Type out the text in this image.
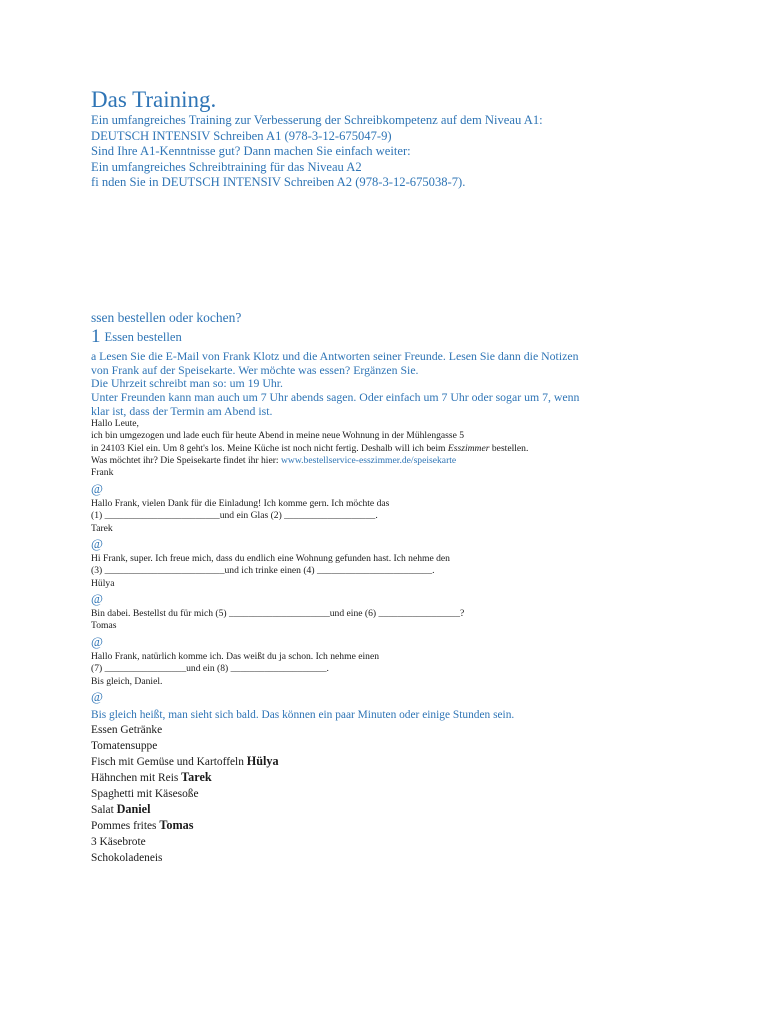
Das Training.
Ein umfangreiches Training zur Verbesserung der Schreibkompetenz auf dem Niveau A1:
DEUTSCH INTENSIV Schreiben A1 (978-3-12-675047-9)
Sind Ihre A1-Kenntnisse gut? Dann machen Sie einfach weiter:
Ein umfangreiches Schreibtraining für das Niveau A2
fi nden Sie in DEUTSCH INTENSIV Schreiben A2 (978-3-12-675038-7).
ssen bestellen oder kochen?
1 Essen bestellen
a Lesen Sie die E-Mail von Frank Klotz und die Antworten seiner Freunde. Lesen Sie dann die Notizen
von Frank auf der Speisekarte. Wer möchte was essen? Ergänzen Sie.
Die Uhrzeit schreibt man so: um 19 Uhr.
Unter Freunden kann man auch um 7 Uhr abends sagen. Oder einfach um 7 Uhr oder sogar um 7, wenn
klar ist, dass der Termin am Abend ist.
Hallo Leute,
ich bin umgezogen und lade euch für heute Abend in meine neue Wohnung in der Mühlengasse 5
in 24103 Kiel ein. Um 8 geht's los. Meine Küche ist noch nicht fertig. Deshalb will ich beim Esszimmer bestellen.
Was möchtet ihr? Die Speisekarte findet ihr hier: www.bestellservice-esszimmer.de/speisekarte
Frank
@
Hallo Frank, vielen Dank für die Einladung! Ich komme gern. Ich möchte das
(1) ________________________und ein Glas (2) ___________________.
Tarek
@
Hi Frank, super. Ich freue mich, dass du endlich eine Wohnung gefunden hast. Ich nehme den
(3) _________________________und ich trinke einen (4) ________________________.
Hülya
@
Bin dabei. Bestellst du für mich (5) _____________________und eine (6) _________________?
Tomas
@
Hallo Frank, natürlich komme ich. Das weißt du ja schon. Ich nehme einen
(7) _________________und ein (8) ____________________.
Bis gleich, Daniel.
@
Bis gleich heißt, man sieht sich bald. Das können ein paar Minuten oder einige Stunden sein.
Essen Getränke
Tomatensuppe
Fisch mit Gemüse und Kartoffeln Hülya
Hähnchen mit Reis Tarek
Spaghetti mit Käsesoße
Salat Daniel
Pommes frites Tomas
3 Käsebrote
Schokoladeneis
